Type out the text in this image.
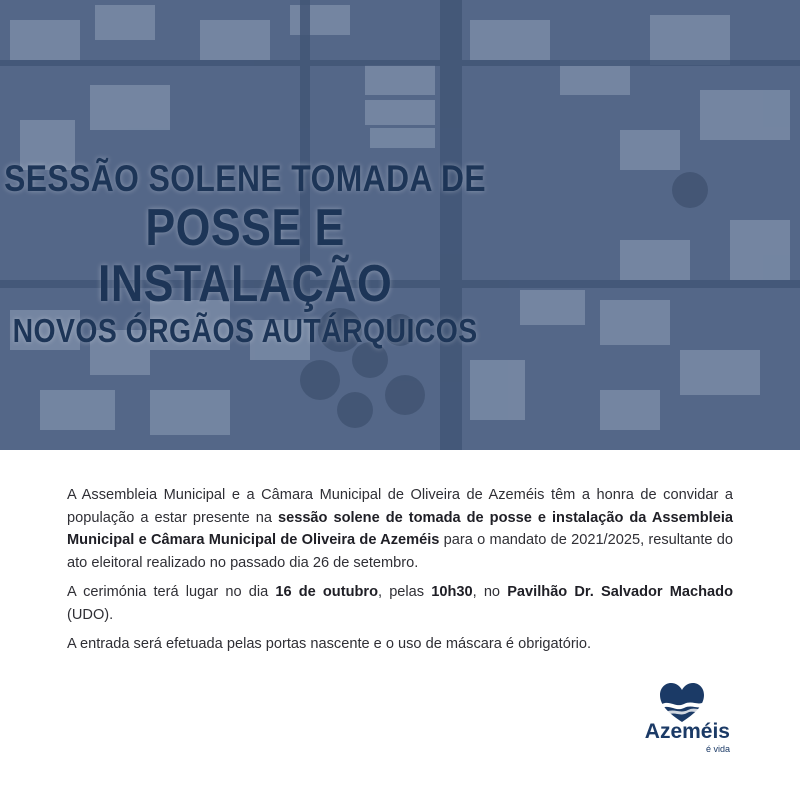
SESSÃO SOLENE TOMADA DE
POSSE E INSTALAÇÃO
NOVOS ÓRGÃOS AUTÁRQUICOS

A Assembleia Municipal e a Câmara Municipal de Oliveira de Azeméis têm a honra de convidar a população a estar presente na sessão solene de tomada de posse e instalação da Assembleia Municipal e Câmara Municipal de Oliveira de Azeméis para o mandato de 2021/2025, resultante do ato eleitoral realizado no passado dia 26 de setembro.

A cerimónia terá lugar no dia 16 de outubro, pelas 10h30, no Pavilhão Dr. Salvador Machado (UDO).

A entrada será efetuada pelas portas nascente e o uso de máscara é obrigatório.

Azeméis
é vida
